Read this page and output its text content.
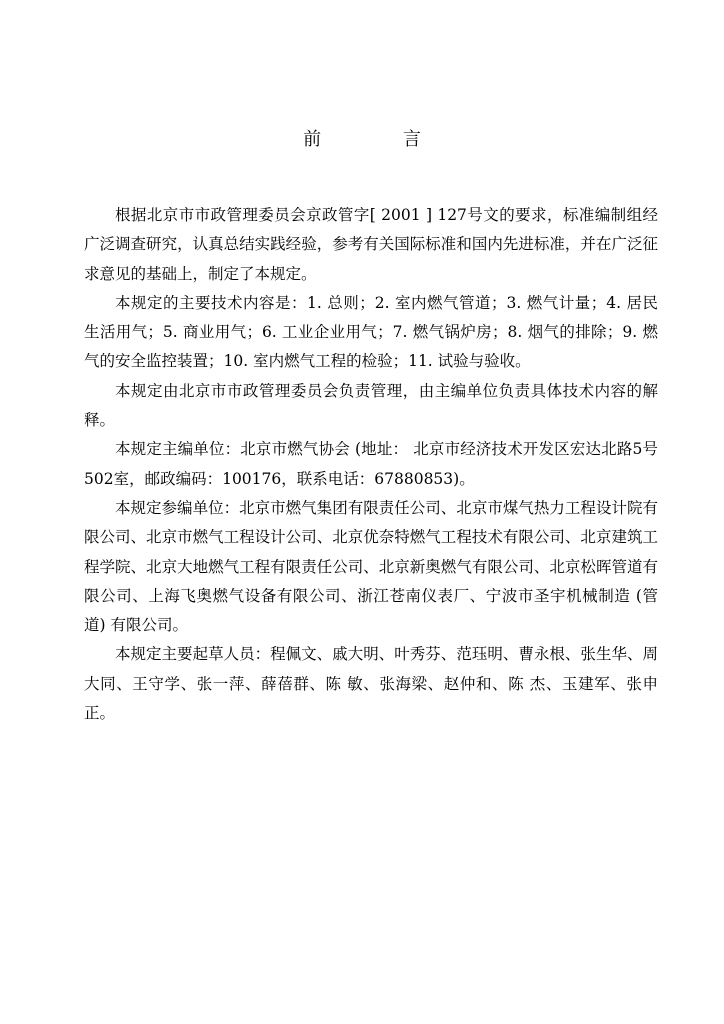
前 言

根据北京市市政管理委员会京政管字[ 2001 ] 127号文的要求，标准编制组经广泛调查研究，认真总结实践经验，参考有关国际标准和国内先进标准，并在广泛征求意见的基础上，制定了本规定。

本规定的主要技术内容是：1. 总则；2. 室内燃气管道；3. 燃气计量；4. 居民生活用气；5. 商业用气；6. 工业企业用气；7. 燃气锅炉房；8. 烟气的排除；9. 燃气的安全监控装置；10. 室内燃气工程的检验；11. 试验与验收。

本规定由北京市市政管理委员会负责管理，由主编单位负责具体技术内容的解释。

本规定主编单位：北京市燃气协会 (地址： 北京市经济技术开发区宏达北路5号502室，邮政编码：100176，联系电话：67880853)。

本规定参编单位：北京市燃气集团有限责任公司、北京市煤气热力工程设计院有限公司、北京市燃气工程设计公司、北京优奈特燃气工程技术有限公司、北京建筑工程学院、北京大地燃气工程有限责任公司、北京新奥燃气有限公司、北京松晖管道有限公司、上海飞奥燃气设备有限公司、浙江苍南仪表厂、宁波市圣宇机械制造 (管道) 有限公司。

本规定主要起草人员：程佩文、戚大明、叶秀芬、范珏明、曹永根、张生华、周大同、王守学、张一萍、薛蓓群、陈 敏、张海梁、赵仲和、陈 杰、玉建军、张申正。
